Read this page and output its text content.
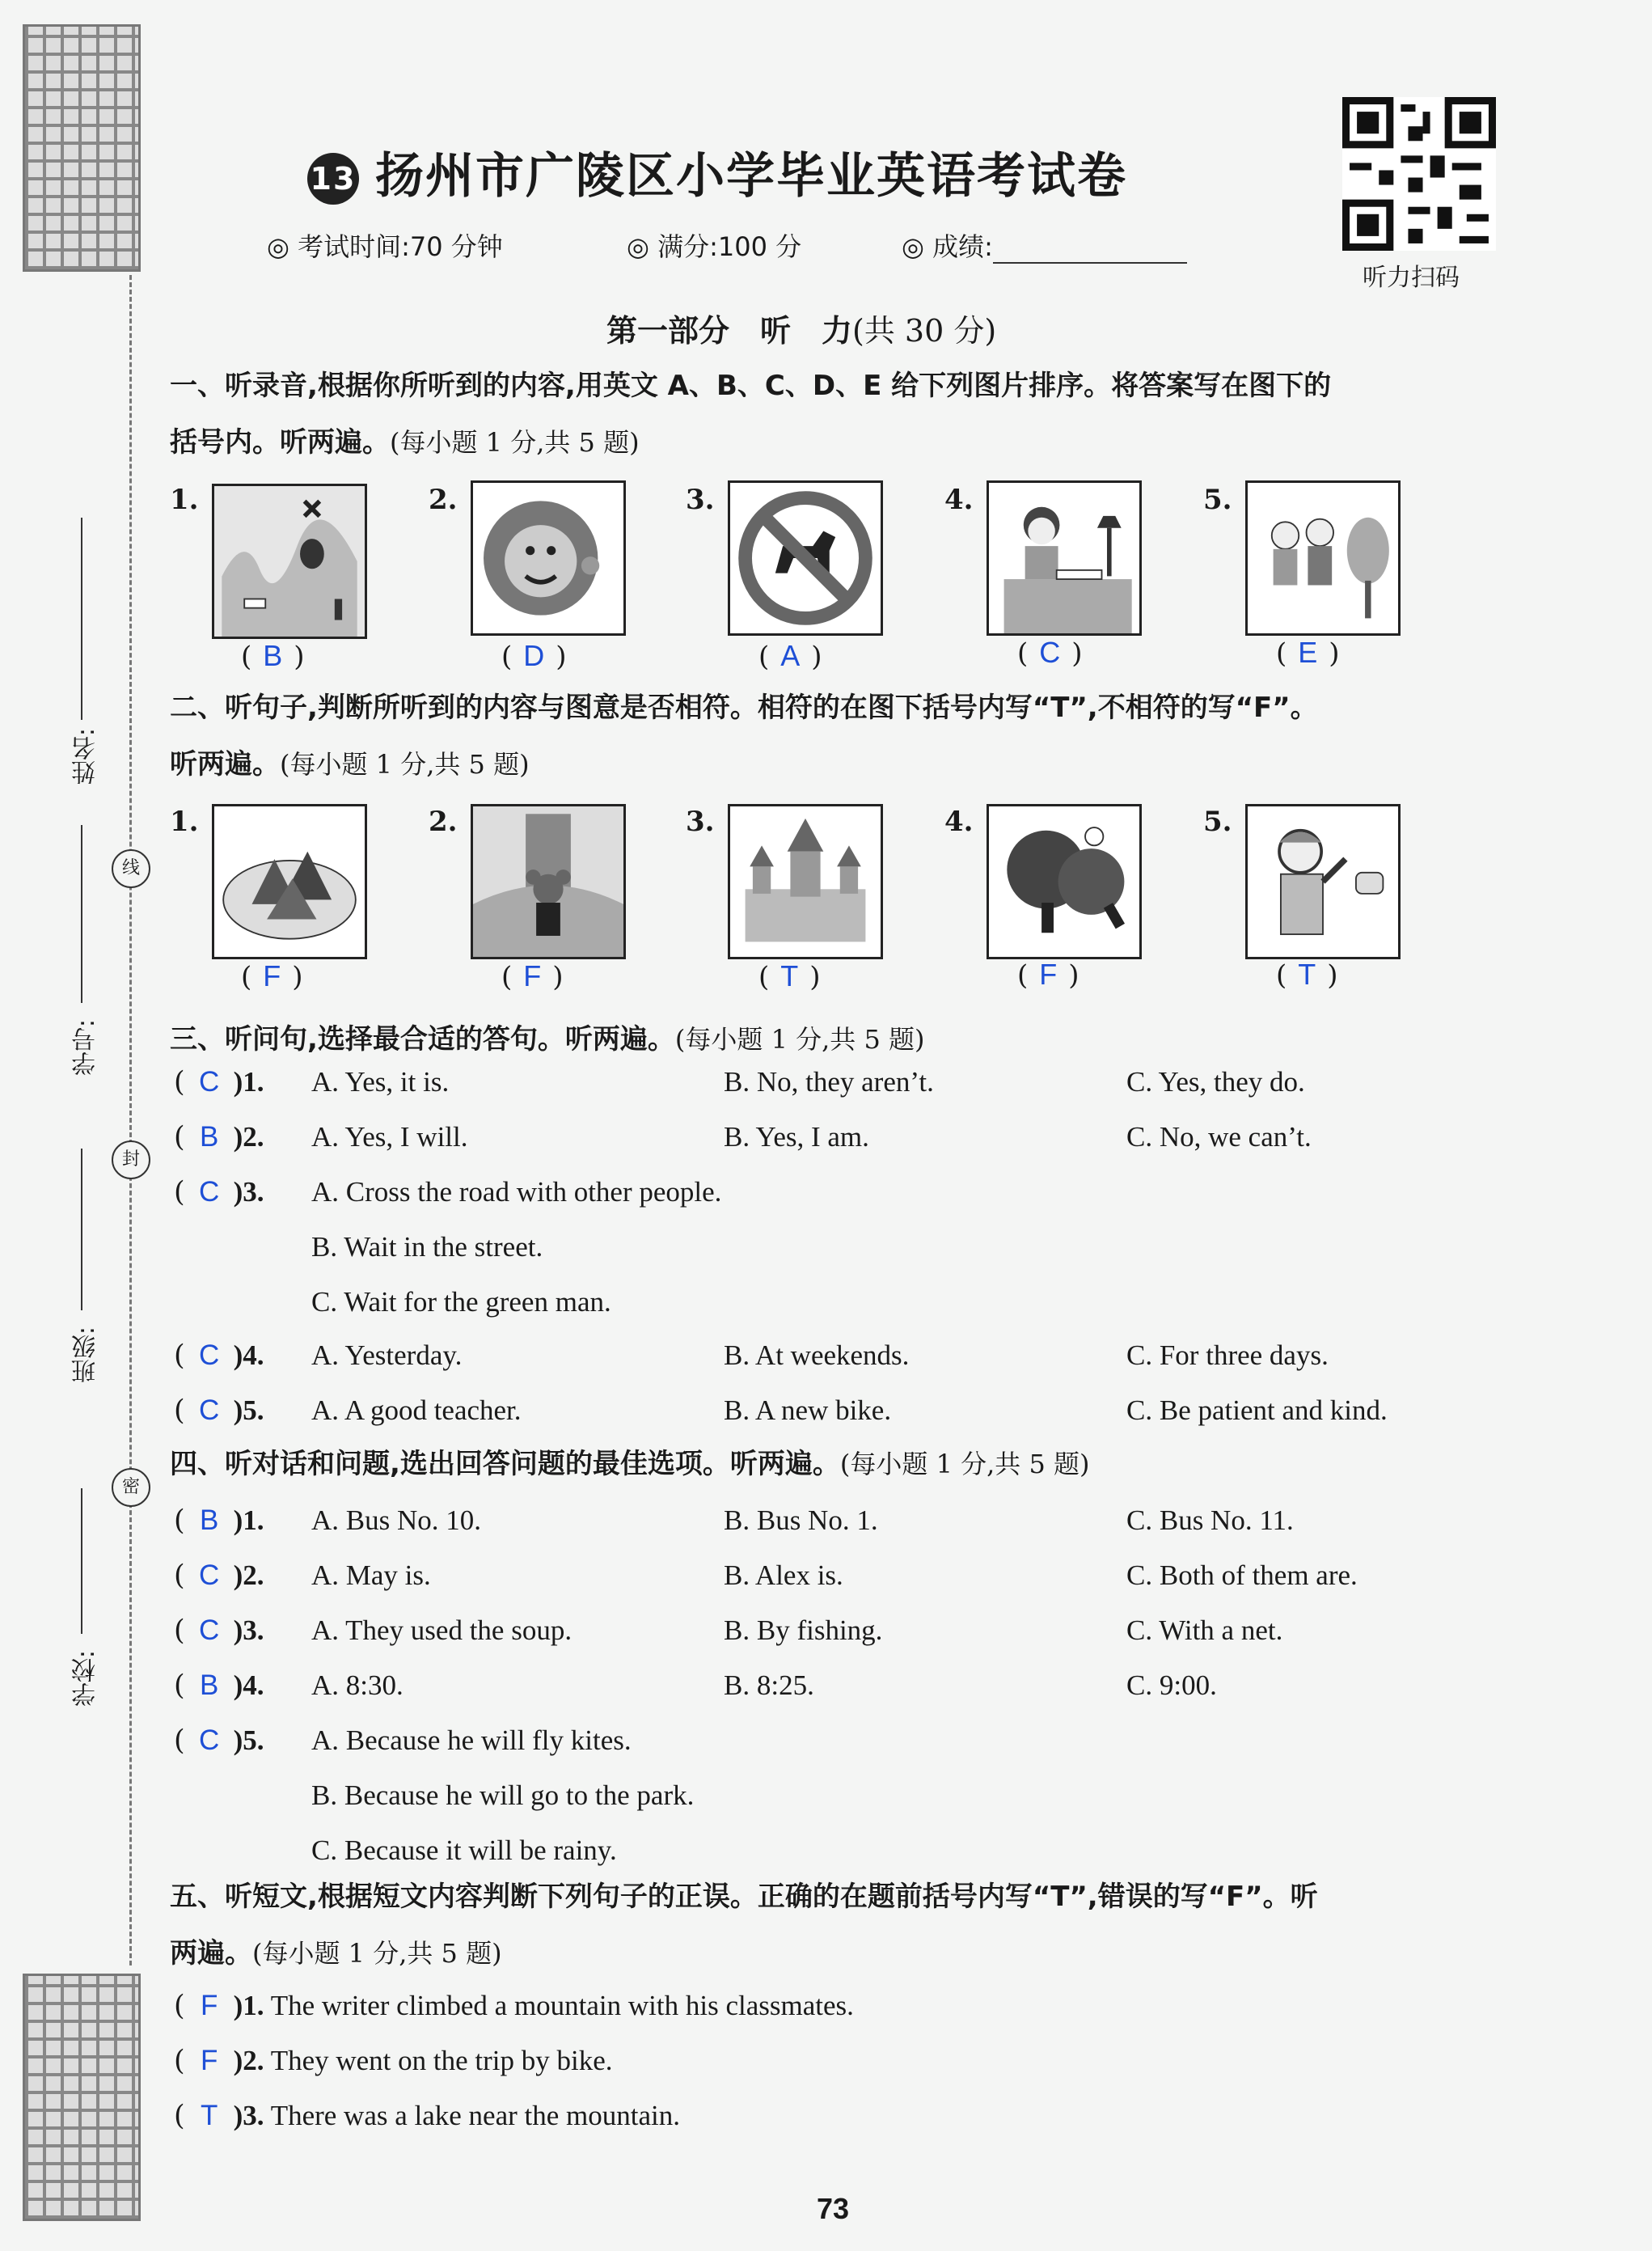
姓名:
线
学号:
封
班级:
密
学校:
13 扬州市广陵区小学毕业英语考试卷
听力扫码
◎ 考试时间:70 分钟	◎ 满分:100 分	◎ 成绩:
第一部分　听　力(共 30 分)
一、听录音,根据你所听到的内容,用英文 A、B、C、D、E 给下列图片排序。将答案写在图下的
括号内。听两遍。(每小题 1 分,共 5 题)
1.
( B )
2.
( D )
3.
( A )
4.
( C )
5.
( E )
二、听句子,判断所听到的内容与图意是否相符。相符的在图下括号内写“T”,不相符的写“F”。
听两遍。(每小题 1 分,共 5 题)
1.
( F )
2.
( F )
3.
( T )
4.
( F )
5.
( T )
三、听问句,选择最合适的答句。听两遍。(每小题 1 分,共 5 题)
( C )1. A. Yes, it is.	B. No, they aren’t.	C. Yes, they do.
( B )2. A. Yes, I will.	B. Yes, I am.	C. No, we can’t.
( C )3. A. Cross the road with other people.
B. Wait in the street.
C. Wait for the green man.
( C )4. A. Yesterday.	B. At weekends.	C. For three days.
( C )5. A. A good teacher.	B. A new bike.	C. Be patient and kind.
四、听对话和问题,选出回答问题的最佳选项。听两遍。(每小题 1 分,共 5 题)
( B )1. A. Bus No. 10.	B. Bus No. 1.	C. Bus No. 11.
( C )2. A. May is.	B. Alex is.	C. Both of them are.
( C )3. A. They used the soup.	B. By fishing.	C. With a net.
( B )4. A. 8:30.	B. 8:25.	C. 9:00.
( C )5. A. Because he will fly kites.
B. Because he will go to the park.
C. Because it will be rainy.
五、听短文,根据短文内容判断下列句子的正误。正确的在题前括号内写“T”,错误的写“F”。听
两遍。(每小题 1 分,共 5 题)
( F )1. The writer climbed a mountain with his classmates.
( F )2. They went on the trip by bike.
( T )3. There was a lake near the mountain.
73
